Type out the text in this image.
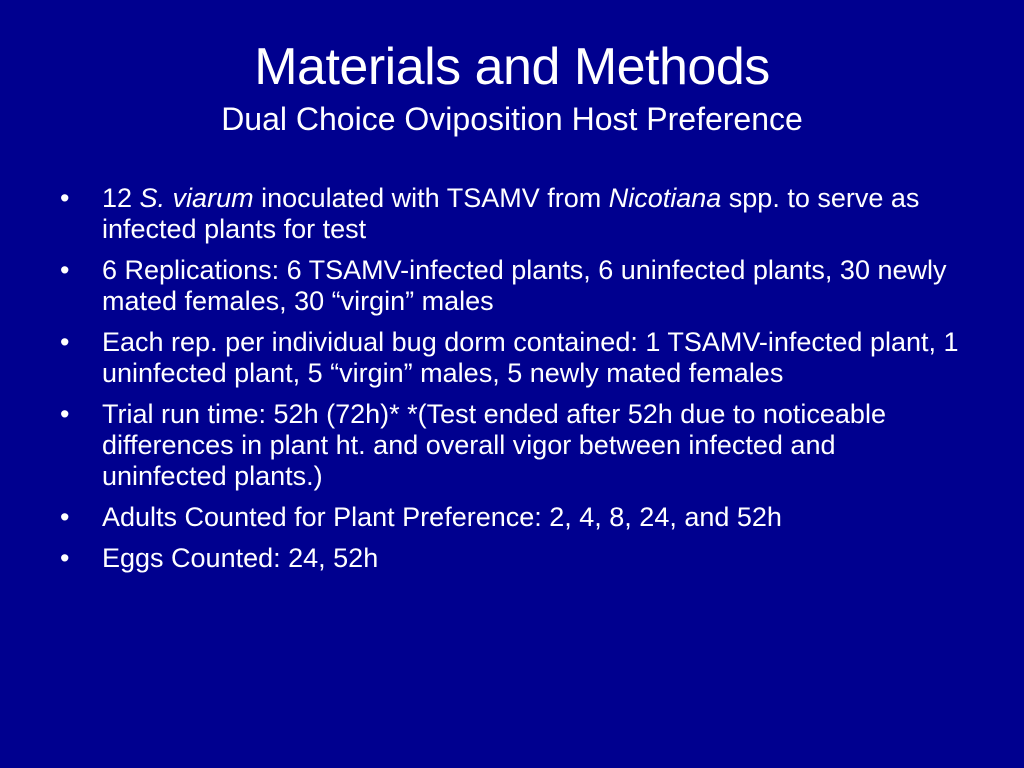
Materials and Methods
Dual Choice Oviposition Host Preference
•	12 S. viarum inoculated with TSAMV from Nicotiana spp. to serve as infected plants for test
•	6 Replications: 6 TSAMV-infected plants, 6 uninfected plants, 30 newly mated females, 30 “virgin” males
•	Each rep. per individual bug dorm contained: 1 TSAMV-infected plant, 1 uninfected plant, 5 “virgin” males, 5 newly mated females
•	Trial run time: 52h (72h)* *(Test ended after 52h due to noticeable differences in plant ht. and overall vigor between infected and uninfected plants.)
•	Adults Counted for Plant Preference: 2, 4, 8, 24, and 52h
•	Eggs Counted: 24, 52h
